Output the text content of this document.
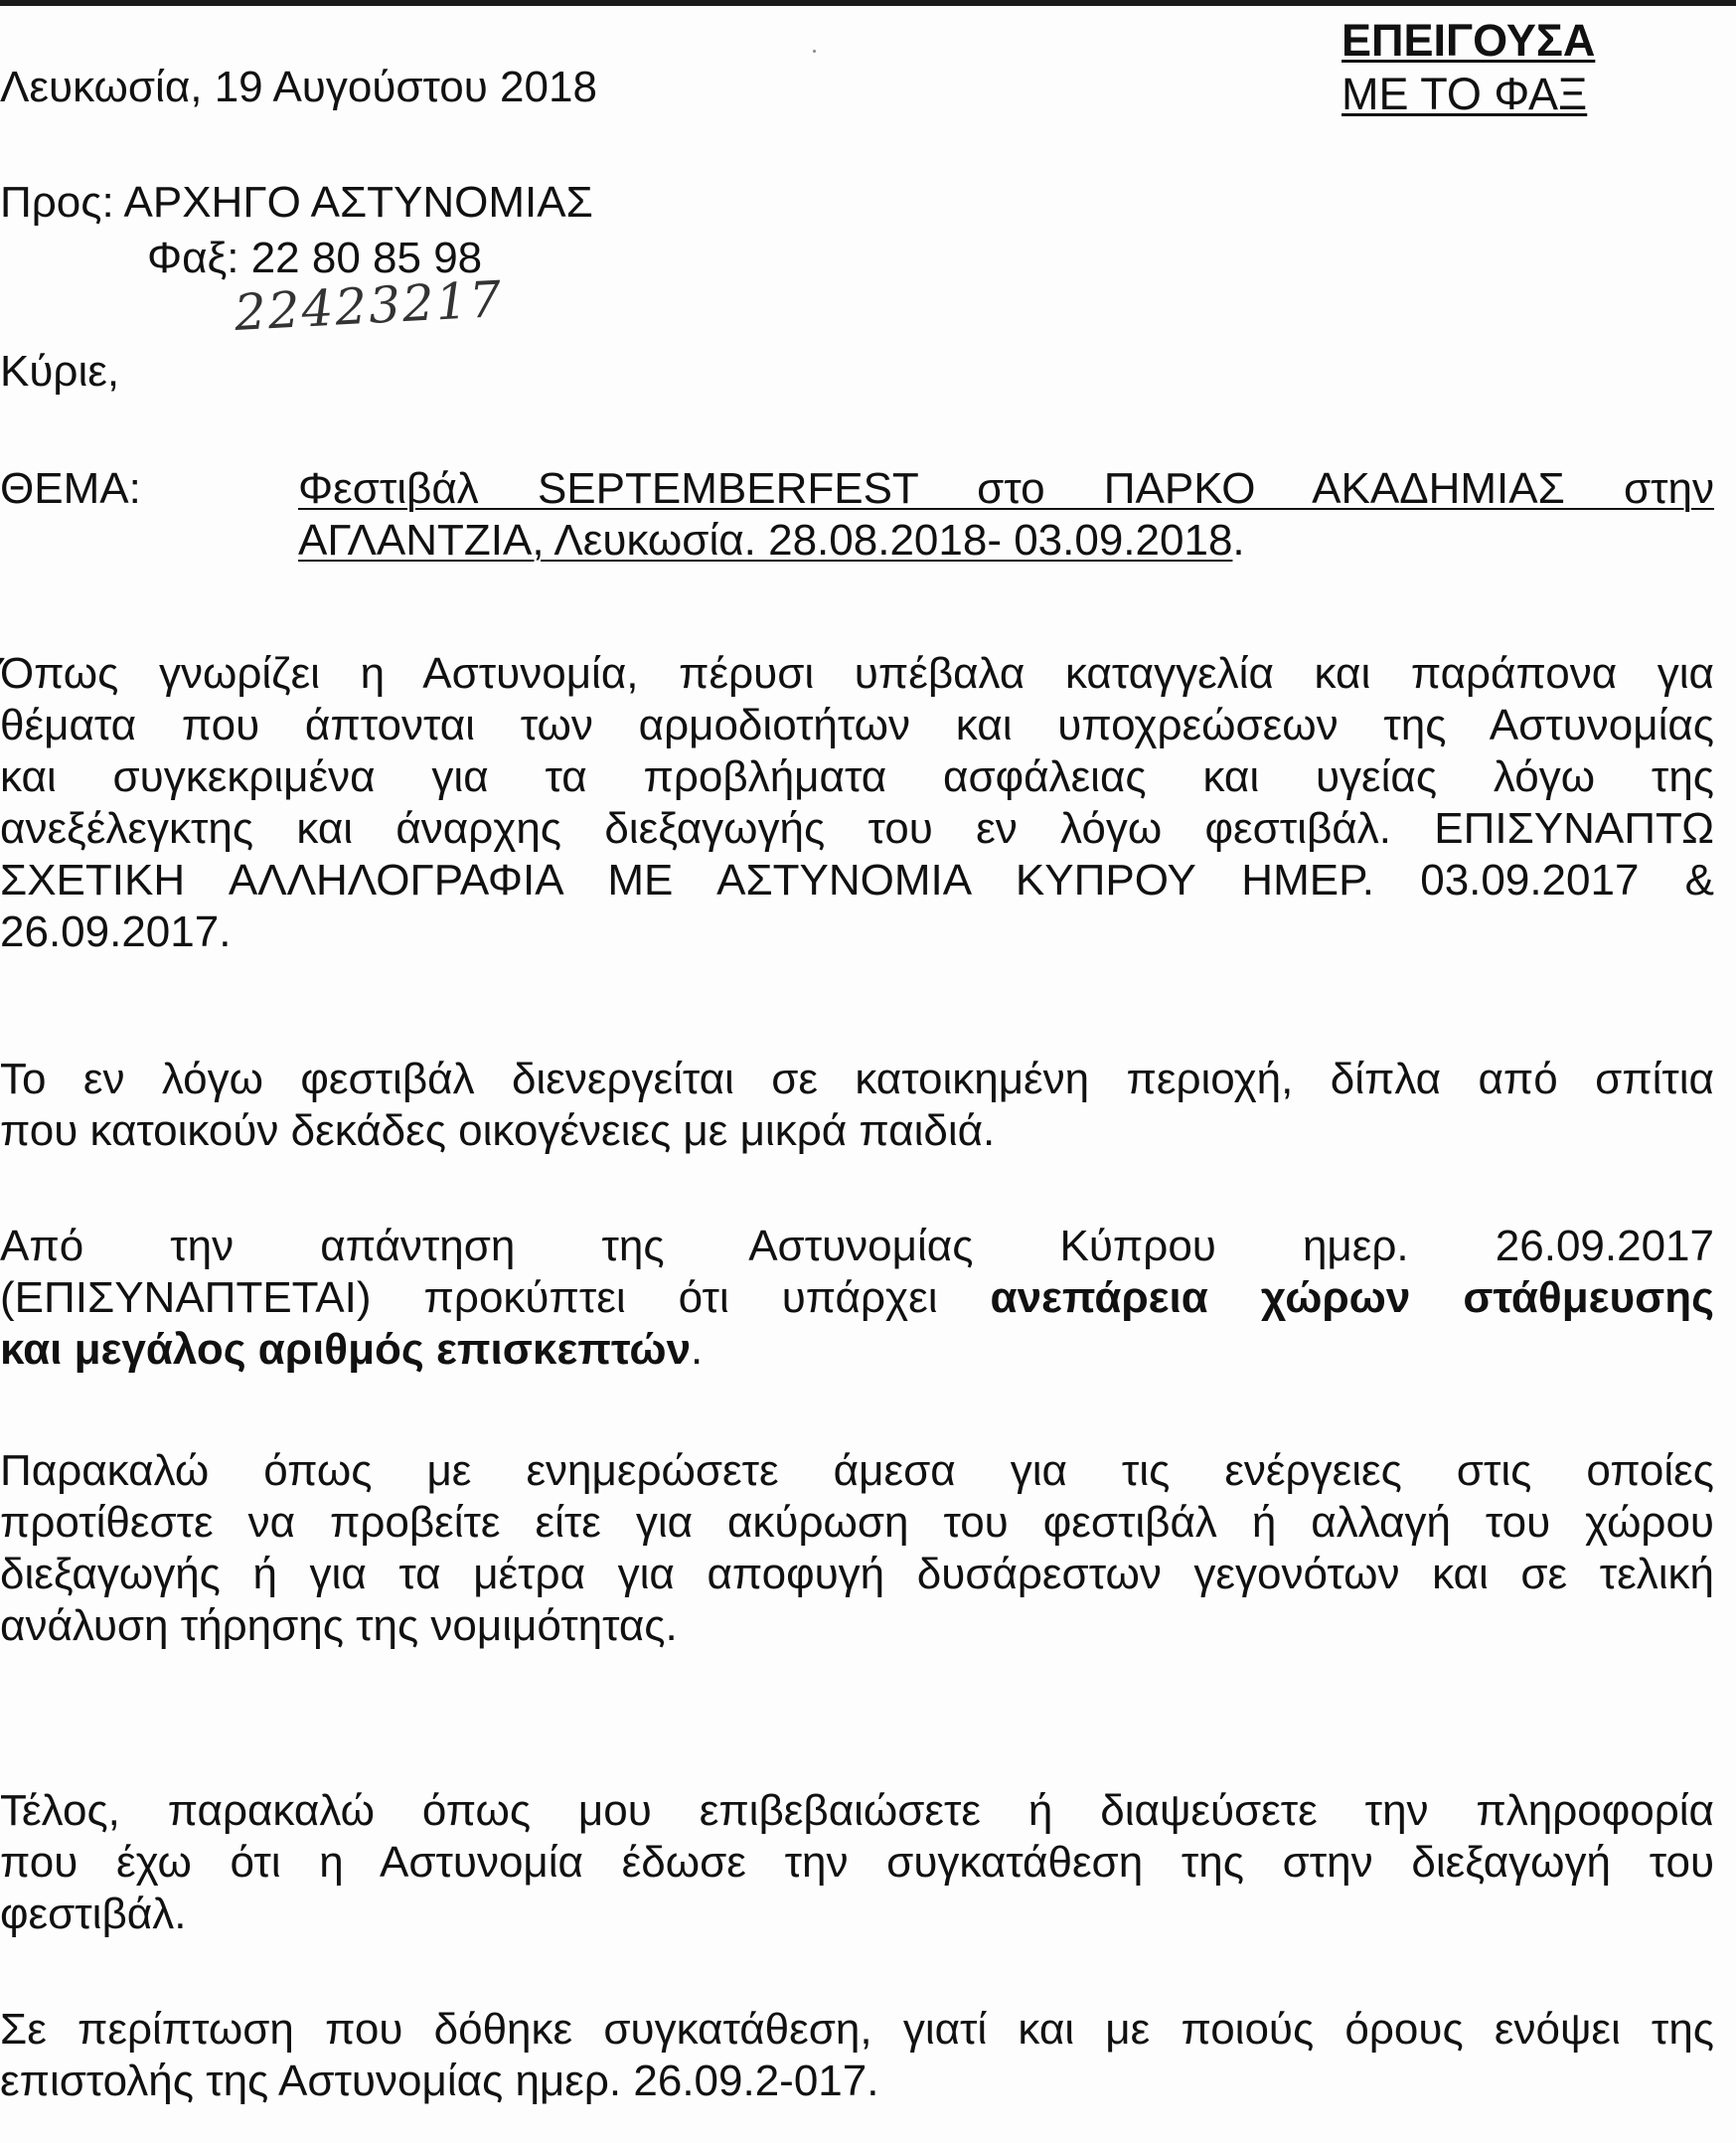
ΕΠΕΙΓΟΥΣΑ
ΜΕ ΤΟ ΦΑΞ
Λευκωσία, 19 Αυγούστου 2018
Προς: ΑΡΧΗΓΟ ΑΣΤΥΝΟΜΙΑΣ
Φαξ: 22 80 85 98
22423217
Κύριε,
ΘΕΜΑ:	Φεστιβάλ SEPTEMBERFEST στο ΠΑΡΚΟ ΑΚΑΔΗΜΙΑΣ στην
ΑΓΛΑΝΤΖΙΑ, Λευκωσία. 28.08.2018- 03.09.2018.
Όπως γνωρίζει η Αστυνομία, πέρυσι υπέβαλα καταγγελία και παράπονα για
θέματα που άπτονται των αρμοδιοτήτων και υποχρεώσεων της Αστυνομίας
και συγκεκριμένα για τα προβλήματα ασφάλειας και υγείας λόγω της
ανεξέλεγκτης και άναρχης διεξαγωγής του εν λόγω φεστιβάλ. ΕΠΙΣΥΝΑΠΤΩ
ΣΧΕΤΙΚΗ ΑΛΛΗΛΟΓΡΑΦΙΑ ΜΕ ΑΣΤΥΝΟΜΙΑ ΚΥΠΡΟΥ ΗΜΕΡ. 03.09.2017 &
26.09.2017.
Το εν λόγω φεστιβάλ διενεργείται σε κατοικημένη περιοχή, δίπλα από σπίτια
που κατοικούν δεκάδες οικογένειες με μικρά παιδιά.
Από την απάντηση της Αστυνομίας Κύπρου ημερ. 26.09.2017
(ΕΠΙΣΥΝΑΠΤΕΤΑΙ) προκύπτει ότι υπάρχει ανεπάρεια χώρων στάθμευσης
και μεγάλος αριθμός επισκεπτών.
Παρακαλώ όπως με ενημερώσετε άμεσα για τις ενέργειες στις οποίες
προτίθεστε να προβείτε είτε για ακύρωση του φεστιβάλ ή αλλαγή του χώρου
διεξαγωγής ή για τα μέτρα για αποφυγή δυσάρεστων γεγονότων και σε τελική
ανάλυση τήρησης της νομιμότητας.
Τέλος, παρακαλώ όπως μου επιβεβαιώσετε ή διαψεύσετε την πληροφορία
που έχω ότι η Αστυνομία έδωσε την συγκατάθεση της στην διεξαγωγή του
φεστιβάλ.
Σε περίπτωση που δόθηκε συγκατάθεση, γιατί και με ποιούς όρους ενόψει της
επιστολής της Αστυνομίας ημερ. 26.09.2-017.
